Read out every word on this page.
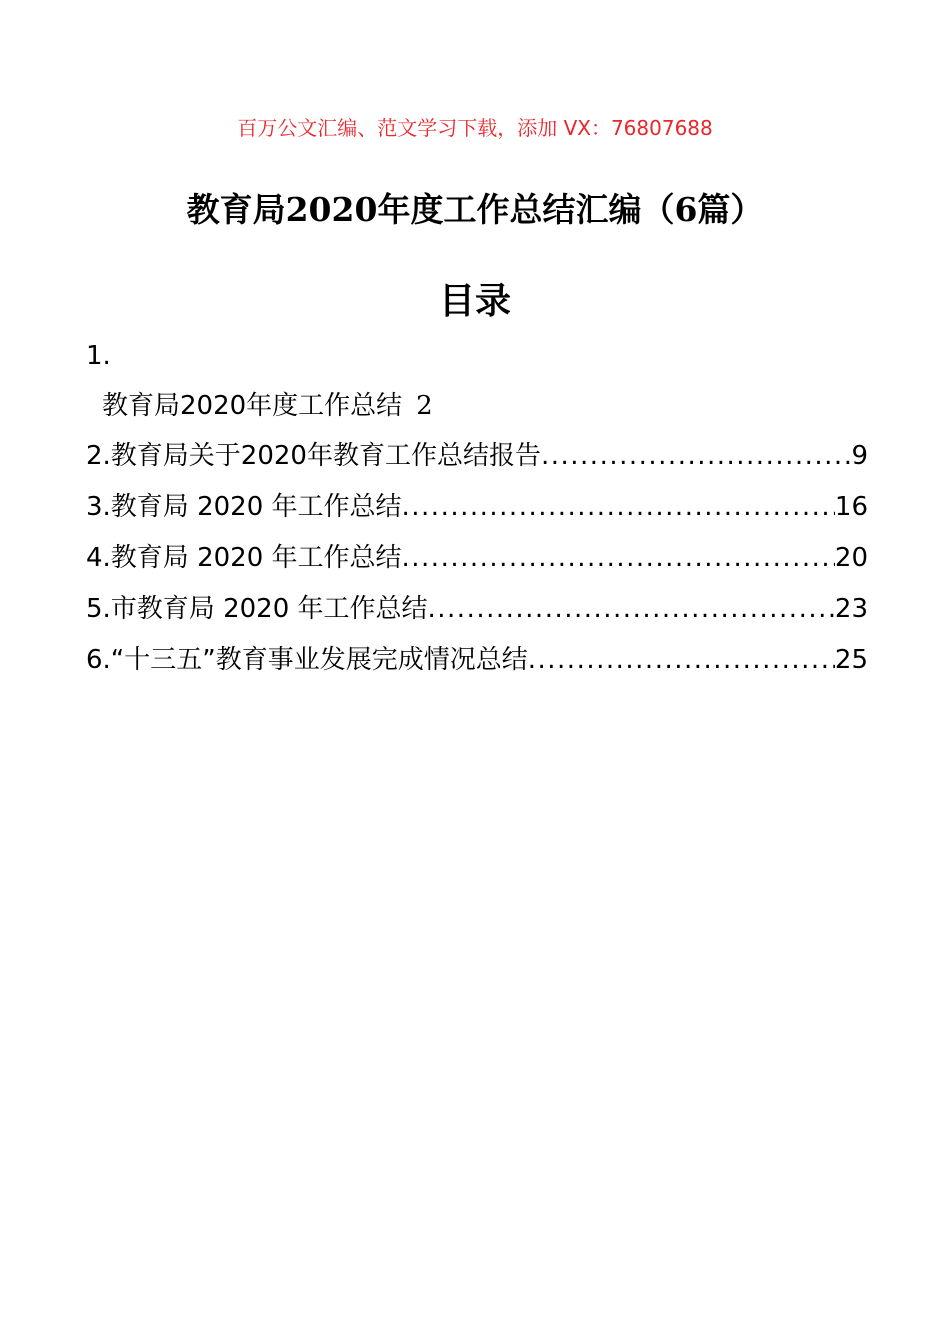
百万公文汇编、范文学习下载，添加 VX：76807688
教育局2020年度工作总结汇编（6篇）
目录
1.
教育局2020年度工作总结 2
2.教育局关于2020年教育工作总结报告 .....	9
3.教育局 2020 年工作总结 .....	16
4.教育局 2020 年工作总结 .....	20
5.市教育局 2020 年工作总结 .....	23
6.“十三五”教育事业发展完成情况总结 .....	25
